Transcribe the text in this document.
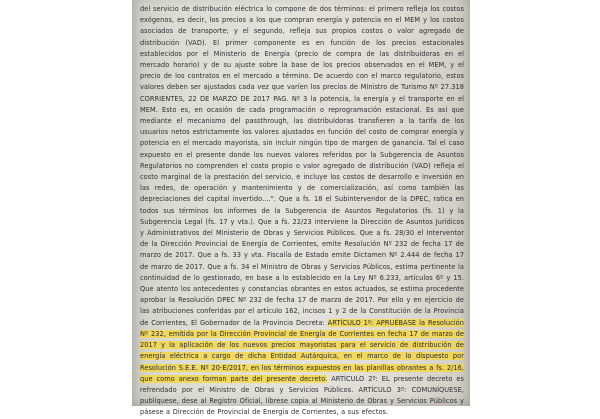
del servicio de distribución eléctrica lo compone de dos términos: el primero refleja los costos exógenos, es decir, los precios a los que compran energía y potencia en el MEM y los costos asociados de transporte; y el segundo, refleja sus propios costos o valor agregado de distribución (VAD). El primer componente es en función de los precios estacionales establecidos por el Ministerio de Energía (precio de compra de las distribuidoras en el mercado horario) y de su ajuste sobre la base de los precios observados en el MEM, y el precio de los contratos en el mercado a término. De acuerdo con el marco regulatorio, estos valores deben ser ajustados cada vez que varíen los precios de Ministro de Turismo Nº 27.318 CORRIENTES, 22 DE MARZO DE 2017 PAG. Nº 3 la potencia, la energía y el transporte en el MEM. Esto es, en ocasión de cada programación o reprogramación estacional. Es así que mediante el mecanismo del passthrough, las distribuidoras transfieren a la tarifa de los usuarios netos estrictamente los valores ajustados en función del costo de comprar energía y potencia en el mercado mayorista, sin incluir ningún tipo de margen de ganancia. Tal el caso expuesto en el presente donde los nuevos valores referidos por la Subgerencia de Asuntos Regulatorios no comprenden el costo propio o valor agregado de distribución (VAD) refleja el costo marginal de la prestación del servicio, e incluye los costos de desarrollo e inversión en las redes, de operación y mantenimiento y de comercialización, así como también las depreciaciones del capital invertido....". Que a fs. 18 el Subintervendor de la DPEC, ratica en todos sus términos los informes de la Subgerencia de Asuntos Regulatorios (fs. 1) y la Subgerencia Legal (fs. 17 y vta.). Que a fs. 22/23 interviene la Dirección de Asuntos Jurídicos y Administrativos del Ministerio de Obras y Servicios Públicos. Que a fs. 28/30 el Interventor de la Dirección Provincial de Energía de Corrientes, emite Resolución Nº 232 de fecha 17 de marzo de 2017. Que a fs. 33 y vta. Fiscalía de Estado emite Dictamen Nº 2.444 de fecha 17 de marzo de 2017. Que a fs. 34 el Ministro de Obras y Servicios Públicos, estima pertinente la continuidad de lo gestionado, en base a lo establecido en la Ley Nº 6.233, artículos 6º y 15. Que atento los antecedentes y constancias obrantes en estos actuados, se estima procedente aprobar la Resolución DPEC Nº 232 de fecha 17 de marzo de 2017. Por ello y en ejercicio de las atribuciones conferidas por el artículo 162, incisos 1 y 2 de la Constitución de la Provincia de Corrientes, El Gobernador de la Provincia Decreta: ARTÍCULO 1º: APRUÉBASE la Resolución Nº 232, emitida por la Dirección Provincial de Energía de Corrientes en fecha 17 de marzo de 2017 y la aplicación de los nuevos precios mayoristas para el servicio de distribución de energía eléctrica a cargo de dicha Entidad Autárquica, en el marco de lo dispuesto por Resolución S.E.E. Nº 20-E/2017, en los términos expuestos en las planillas obrantes a fs. 2/16, que como anexo forman parte del presente decreto. ARTÍCULO 2º: EL presente decreto es refrendado por el Ministro de Obras y Servicios Públicos. ARTÍCULO 3º: COMUNÍQUESE, publíquese, dese al Registro Oficial, líbrese copia al Ministerio de Obras y Servicios Públicos y pásese a Dirección de Provincial de Energía de Corrientes, a sus efectos.
